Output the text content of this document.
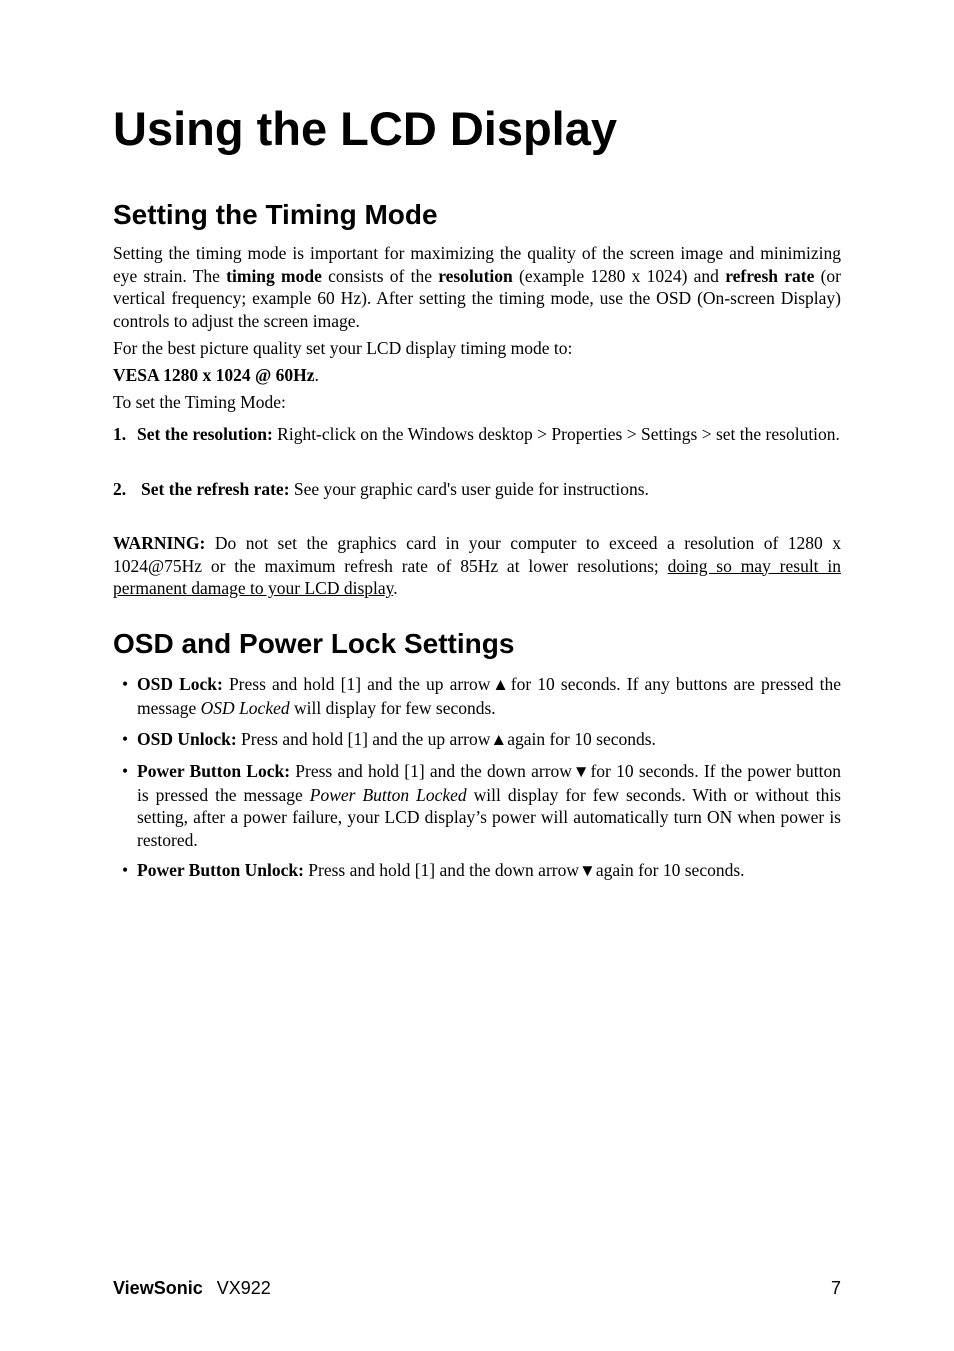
Using the LCD Display
Setting the Timing Mode

Setting the timing mode is important for maximizing the quality of the screen image and minimizing eye strain. The timing mode consists of the resolution (example 1280 x 1024) and refresh rate (or vertical frequency; example 60 Hz). After setting the timing mode, use the OSD (On-screen Display) controls to adjust the screen image.

For the best picture quality set your LCD display timing mode to:

VESA 1280 x 1024 @ 60Hz.

To set the Timing Mode:

1. Set the resolution: Right-click on the Windows desktop > Properties > Settings > set the resolution.
2. Set the refresh rate: See your graphic card's user guide for instructions.

WARNING: Do not set the graphics card in your computer to exceed a resolution of 1280 x 1024@75Hz or the maximum refresh rate of 85Hz at lower resolutions; doing so may result in permanent damage to your LCD display.

OSD and Power Lock Settings
• OSD Lock: Press and hold [1] and the up arrow▲for 10 seconds. If any buttons are pressed the message OSD Locked will display for few seconds.
• OSD Unlock: Press and hold [1] and the up arrow▲again for 10 seconds.
• Power Button Lock: Press and hold [1] and the down arrow▼for 10 seconds. If the power button is pressed the message Power Button Locked will display for few seconds. With or without this setting, after a power failure, your LCD display’s power will automatically turn ON when power is restored.
• Power Button Unlock: Press and hold [1] and the down arrow▼again for 10 seconds.
ViewSonic VX922	7
